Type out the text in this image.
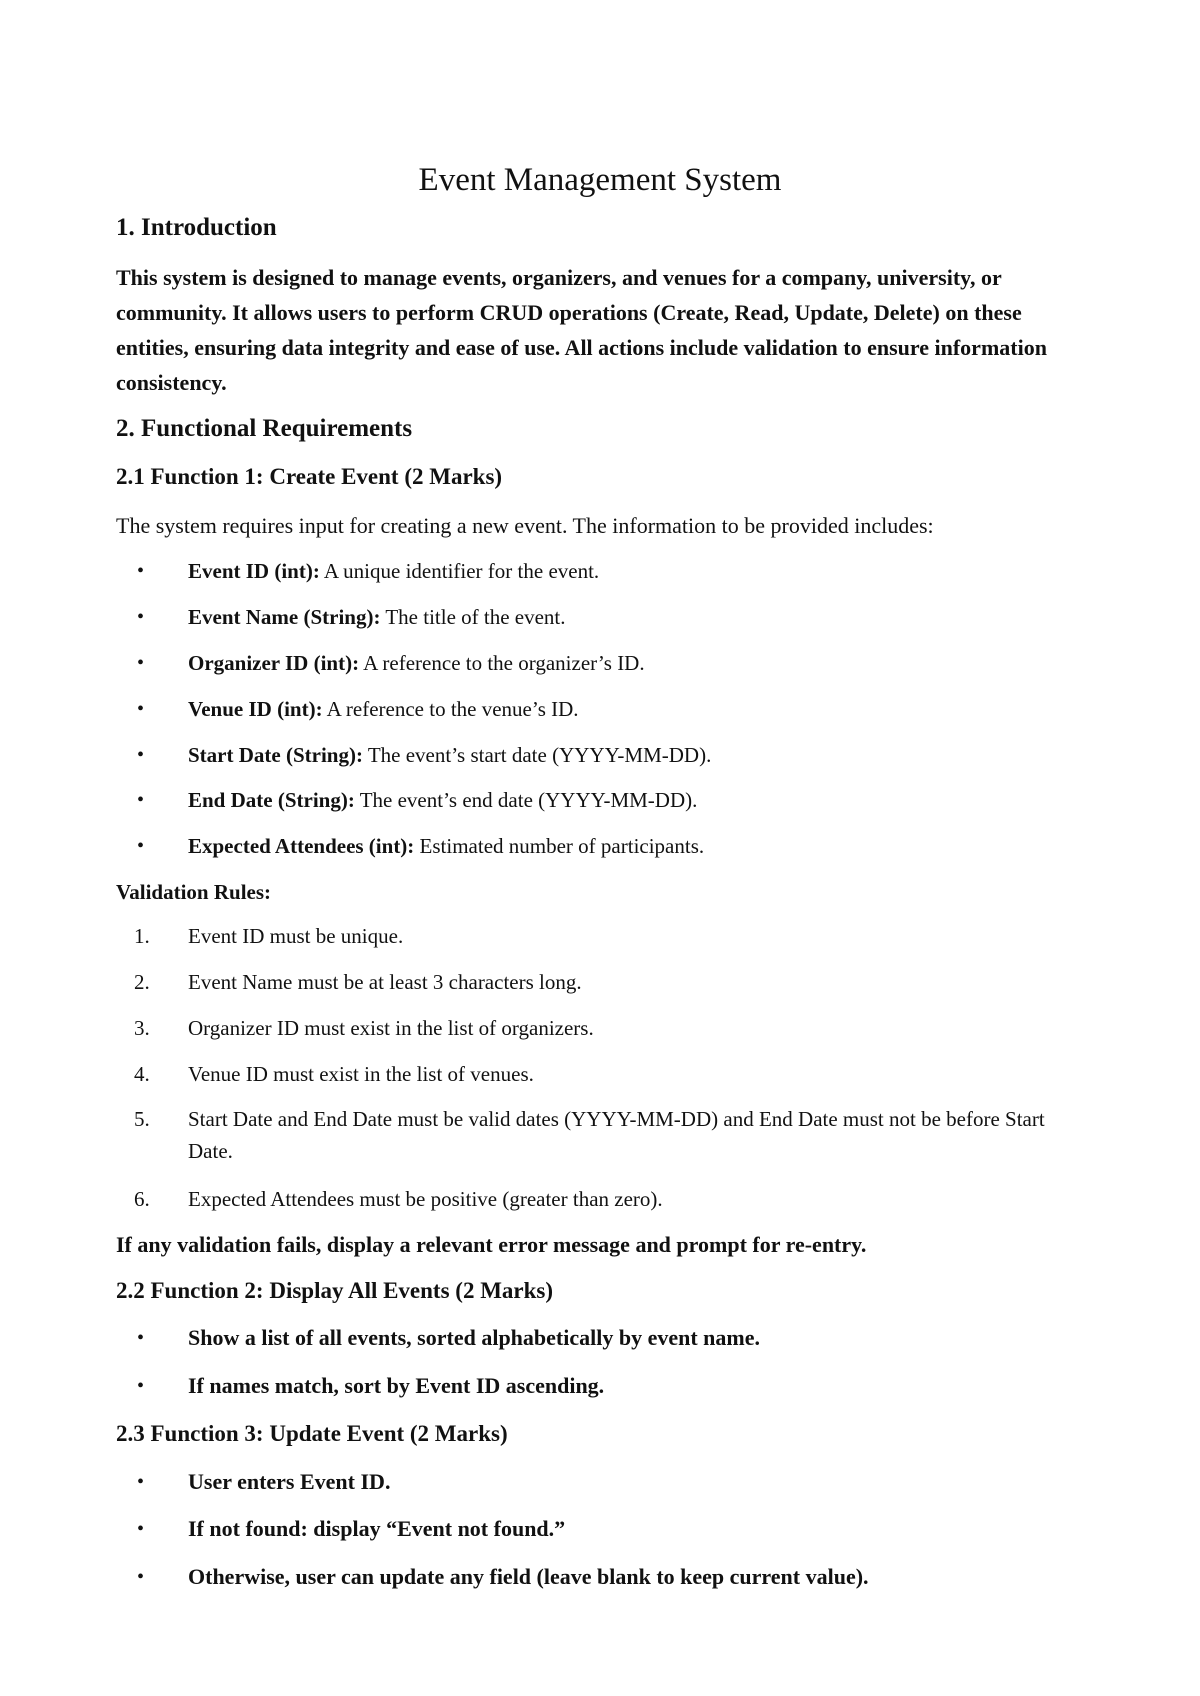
Event Management System
1. Introduction

This system is designed to manage events, organizers, and venues for a company, university, or community. It allows users to perform CRUD operations (Create, Read, Update, Delete) on these entities, ensuring data integrity and ease of use. All actions include validation to ensure information consistency.

2. Functional Requirements
2.1 Function 1: Create Event (2 Marks)

The system requires input for creating a new event. The information to be provided includes:

• Event ID (int): A unique identifier for the event.
• Event Name (String): The title of the event.
• Organizer ID (int): A reference to the organizer’s ID.
• Venue ID (int): A reference to the venue’s ID.
• Start Date (String): The event’s start date (YYYY-MM-DD).
• End Date (String): The event’s end date (YYYY-MM-DD).
• Expected Attendees (int): Estimated number of participants.

Validation Rules:

1. Event ID must be unique.
2. Event Name must be at least 3 characters long.
3. Organizer ID must exist in the list of organizers.
4. Venue ID must exist in the list of venues.
5. Start Date and End Date must be valid dates (YYYY-MM-DD) and End Date must not be before Start Date.
6. Expected Attendees must be positive (greater than zero).

If any validation fails, display a relevant error message and prompt for re-entry.

2.2 Function 2: Display All Events (2 Marks)
• Show a list of all events, sorted alphabetically by event name.
• If names match, sort by Event ID ascending.
2.3 Function 3: Update Event (2 Marks)
• User enters Event ID.
• If not found: display “Event not found.”
• Otherwise, user can update any field (leave blank to keep current value).
